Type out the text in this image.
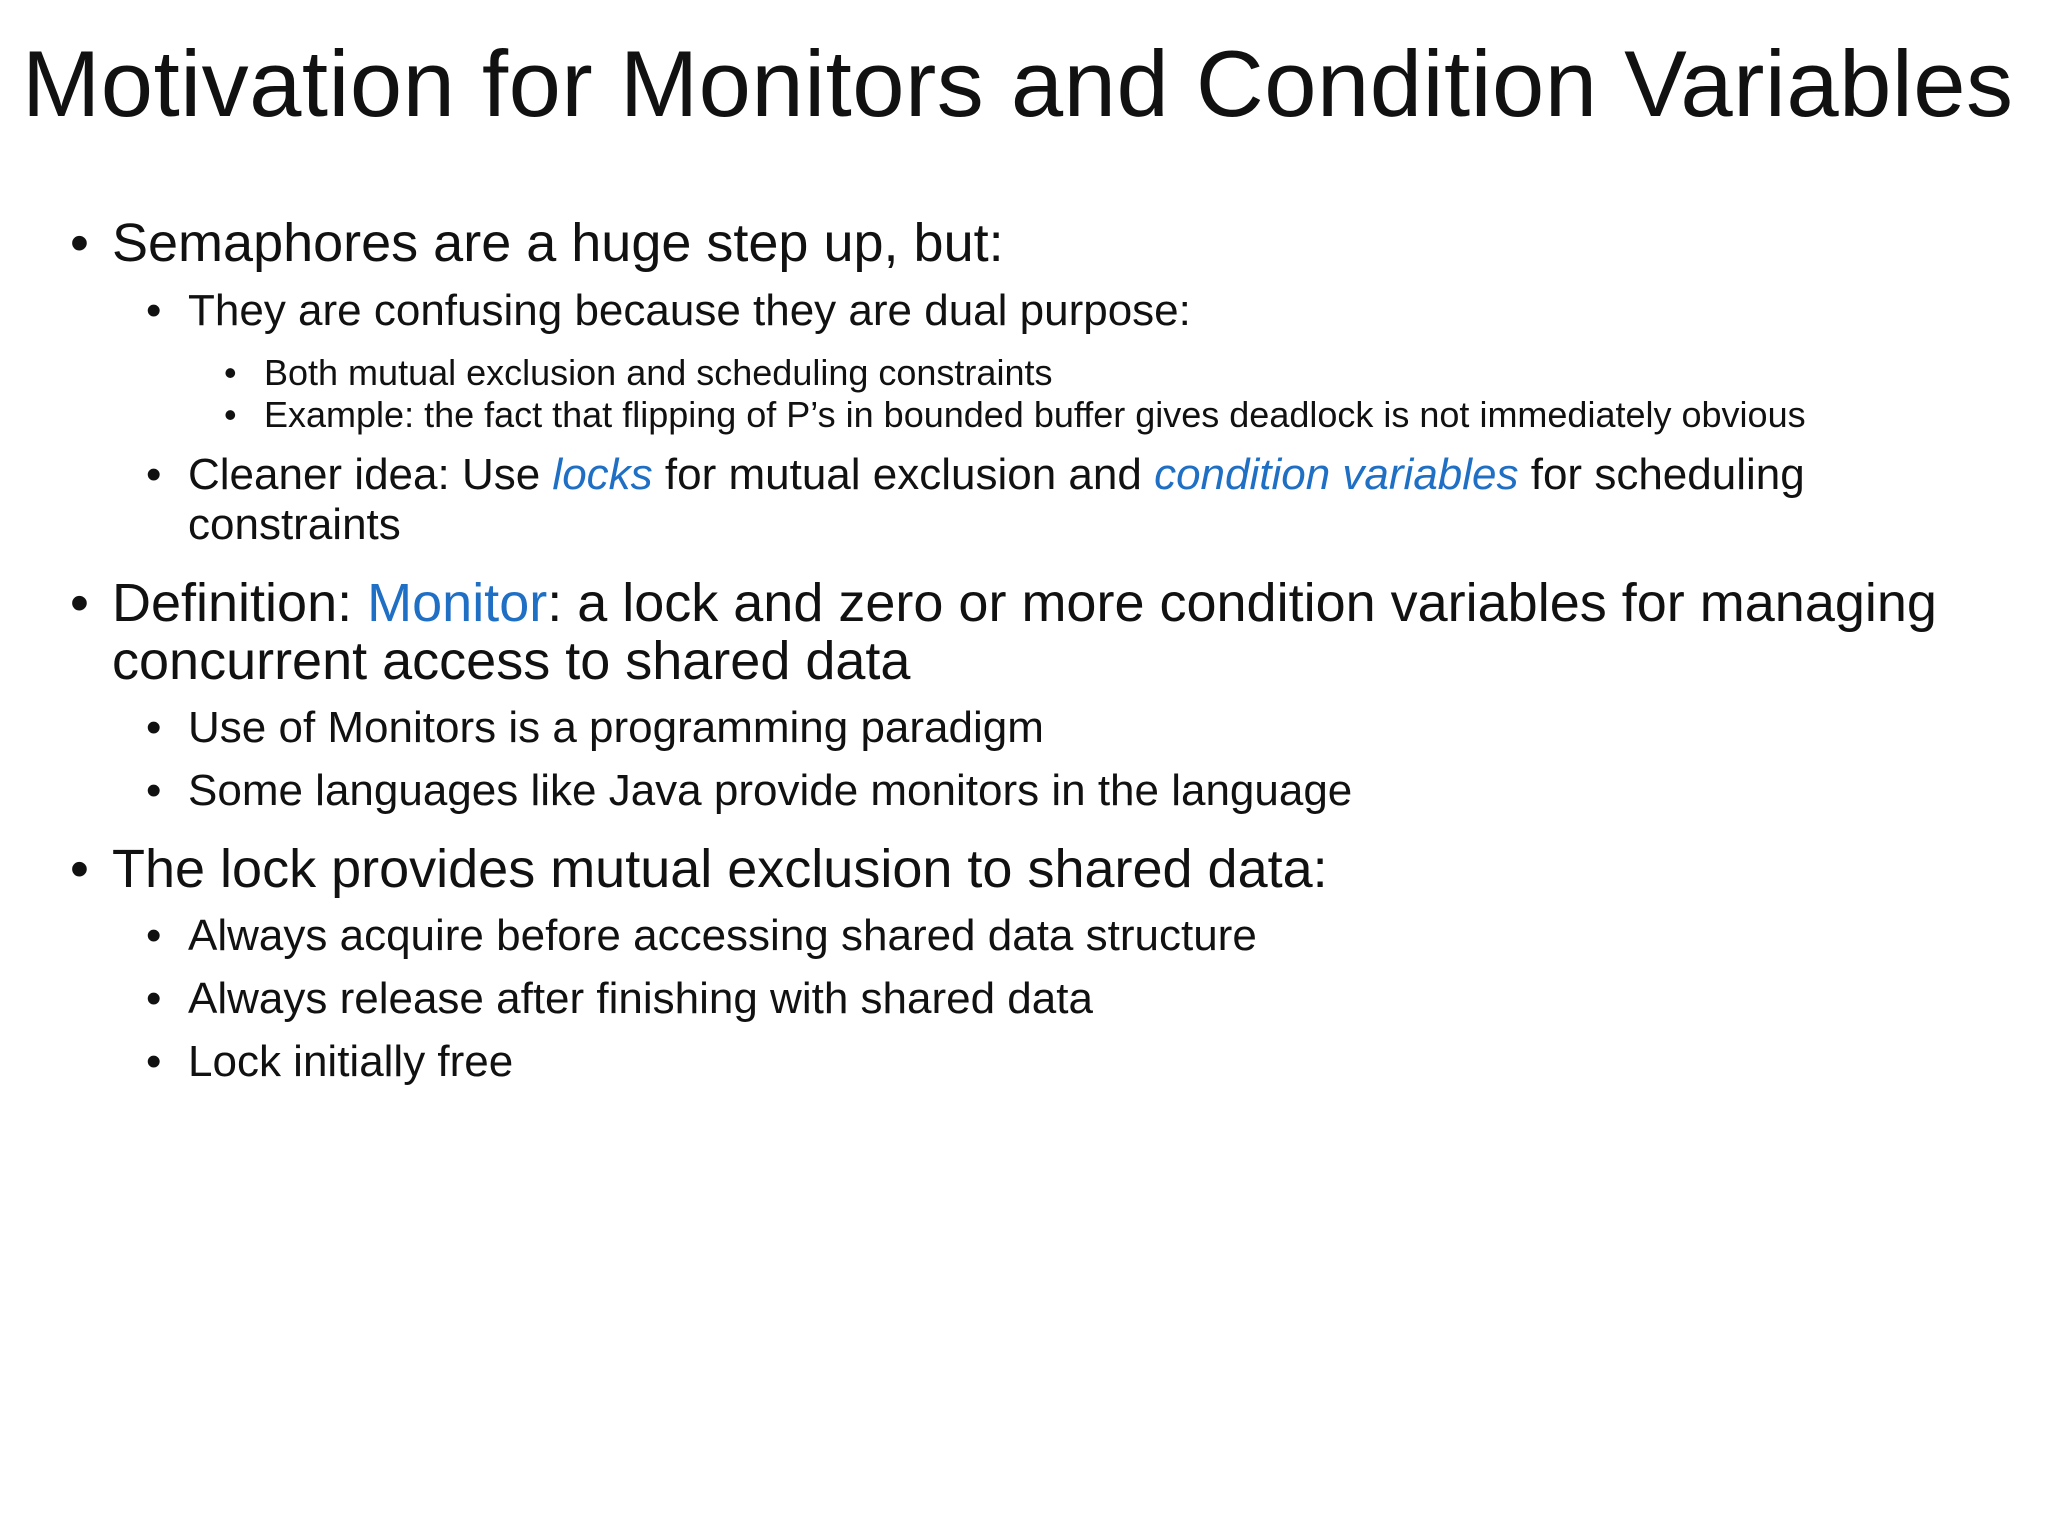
Motivation for Monitors and Condition Variables
• Semaphores are a huge step up, but:
• They are confusing because they are dual purpose:
• Both mutual exclusion and scheduling constraints
• Example: the fact that flipping of P’s in bounded buffer gives deadlock is not immediately obvious
• Cleaner idea: Use locks for mutual exclusion and condition variables for scheduling constraints
• Definition: Monitor: a lock and zero or more condition variables for managing concurrent access to shared data
• Use of Monitors is a programming paradigm
• Some languages like Java provide monitors in the language
• The lock provides mutual exclusion to shared data:
• Always acquire before accessing shared data structure
• Always release after finishing with shared data
• Lock initially free
